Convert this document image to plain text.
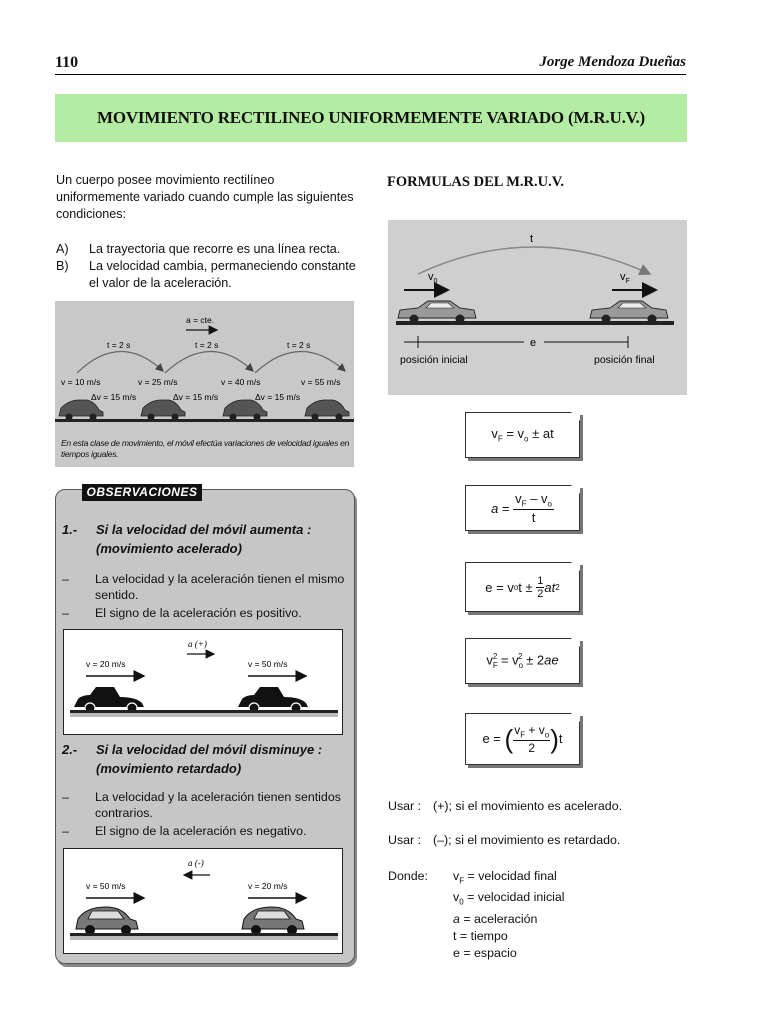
110	Jorge Mendoza Dueñas
MOVIMIENTO RECTILINEO UNIFORMEMENTE VARIADO (M.R.U.V.)

Un cuerpo posee movimiento rectilíneo uniformemente variado cuando cumple las siguientes condiciones:

A)	La trayectoria que recorre es una línea recta.
B)	La velocidad cambia, permaneciendo constante el valor de la aceleración.
a = cte.
t = 2 s	t = 2 s	t = 2 s
v = 10 m/s	v = 25 m/s	v = 40 m/s	v = 55 m/s
Δv = 15 m/s	Δv = 15 m/s	Δv = 15 m/s
En esta clase de movimiento, el móvil efectúa variaciones de velocidad iguales en tiempos iguales.
OBSERVACIONES
1.- Si la velocidad del móvil aumenta :
(movimiento acelerado)
–	La velocidad y la aceleración tienen el mismo sentido.
–	El signo de la aceleración es positivo.
a (+)
v = 20 m/s	v = 50 m/s
2.- Si la velocidad del móvil disminuye :
(movimiento retardado)
–	La velocidad y la aceleración tienen sentidos contrarios.
–	El signo de la aceleración es negativo.
a (-)
v = 50 m/s	v = 20 m/s
FORMULAS DEL M.R.U.V.
t
$v_0$	$v_F$
e
posición inicial	posición final
$v_F = v_o$ ± at
a =
$v_F - v_o$
t
e = v o t ± 1
2 at 2
$v_F^2 = v_o^2 \pm 2ae$
e = ( $v_F + v_o$
2 ) t
Usar : (+); si el movimiento es acelerado.
Usar : (–); si el movimiento es retardado.
Donde: $v_F$ = velocidad final
$v_0$ = velocidad inicial
a = aceleración
t = tiempo
e = espacio
